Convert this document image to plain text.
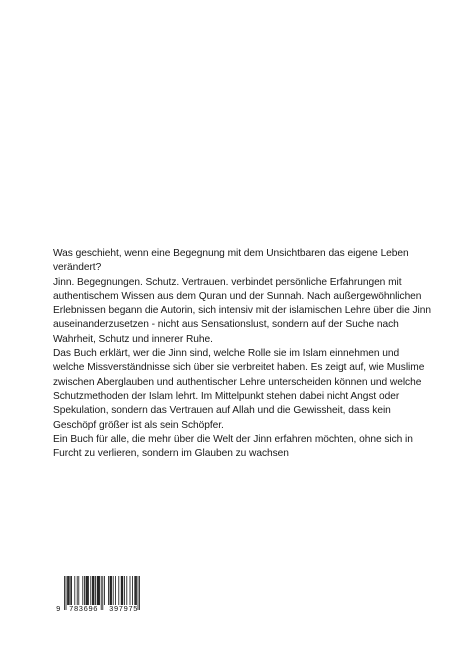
Was geschieht, wenn eine Begegnung mit dem Unsichtbaren das eigene Leben verändert?

Jinn. Begegnungen. Schutz. Vertrauen. verbindet persönliche Erfahrungen mit authentischem Wissen aus dem Quran und der Sunnah. Nach außergewöhnlichen Erlebnissen begann die Autorin, sich intensiv mit der islamischen Lehre über die Jinn auseinanderzusetzen - nicht aus Sensationslust, sondern auf der Suche nach Wahrheit, Schutz und innerer Ruhe.

Das Buch erklärt, wer die Jinn sind, welche Rolle sie im Islam einnehmen und welche Missverständnisse sich über sie verbreitet haben. Es zeigt auf, wie Muslime zwischen Aberglauben und authentischer Lehre unterscheiden können und welche Schutzmethoden der Islam lehrt. Im Mittelpunkt stehen dabei nicht Angst oder Spekulation, sondern das Vertrauen auf Allah und die Gewissheit, dass kein Geschöpf größer ist als sein Schöpfer.

Ein Buch für alle, die mehr über die Welt der Jinn erfahren möchten, ohne sich in Furcht zu verlieren, sondern im Glauben zu wachsen

9 783696 397975
